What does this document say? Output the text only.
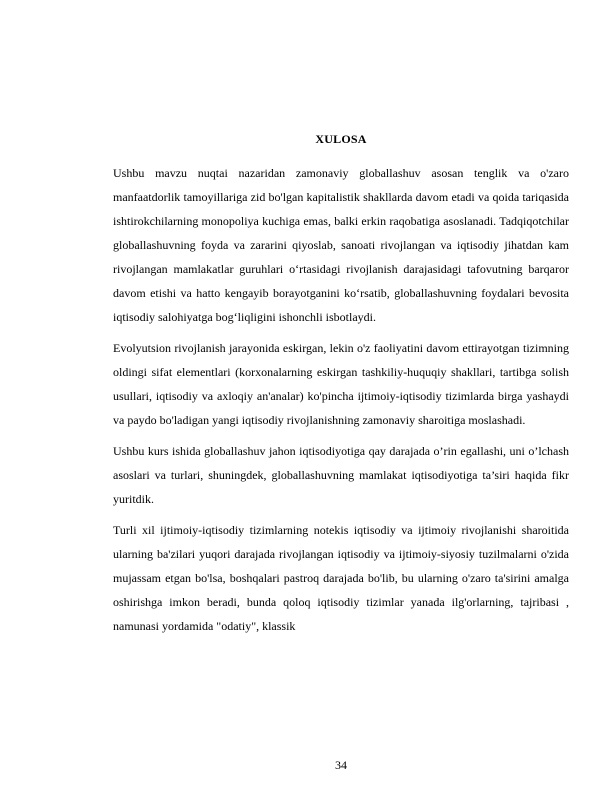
XULOSA

Ushbu mavzu nuqtai nazaridan zamonaviy globallashuv asosan tenglik va o'zaro manfaatdorlik tamoyillariga zid bo'lgan kapitalistik shakllarda davom etadi va qoida tariqasida ishtirokchilarning monopoliya kuchiga emas, balki erkin raqobatiga asoslanadi. Tadqiqotchilar globallashuvning foyda va zararini qiyoslab, sanoati rivojlangan va iqtisodiy jihatdan kam rivojlangan mamlakatlar guruhlari o‘rtasidagi rivojlanish darajasidagi tafovutning barqaror davom etishi va hatto kengayib borayotganini ko‘rsatib, globallashuvning foydalari bevosita iqtisodiy salohiyatga bog‘liqligini ishonchli isbotlaydi.

Evolyutsion rivojlanish jarayonida eskirgan, lekin o'z faoliyatini davom ettirayotgan tizimning oldingi sifat elementlari (korxonalarning eskirgan tashkiliy-huquqiy shakllari, tartibga solish usullari, iqtisodiy va axloqiy an'analar) ko'pincha ijtimoiy-iqtisodiy tizimlarda birga yashaydi va paydo bo'ladigan yangi iqtisodiy rivojlanishning zamonaviy sharoitiga moslashadi.

Ushbu kurs ishida globallashuv jahon iqtisodiyotiga qay darajada o’rin egallashi, uni o’lchash asoslari va turlari, shuningdek, globallashuvning mamlakat iqtisodiyotiga ta’siri haqida fikr yuritdik.

Turli xil ijtimoiy-iqtisodiy tizimlarning notekis iqtisodiy va ijtimoiy rivojlanishi sharoitida ularning ba'zilari yuqori darajada rivojlangan iqtisodiy va ijtimoiy-siyosiy tuzilmalarni o'zida mujassam etgan bo'lsa, boshqalari pastroq darajada bo'lib, bu ularning o'zaro ta'sirini amalga oshirishga imkon beradi, bunda qoloq iqtisodiy tizimlar yanada ilg'orlarning, tajribasi , namunasi yordamida "odatiy", klassik

34
